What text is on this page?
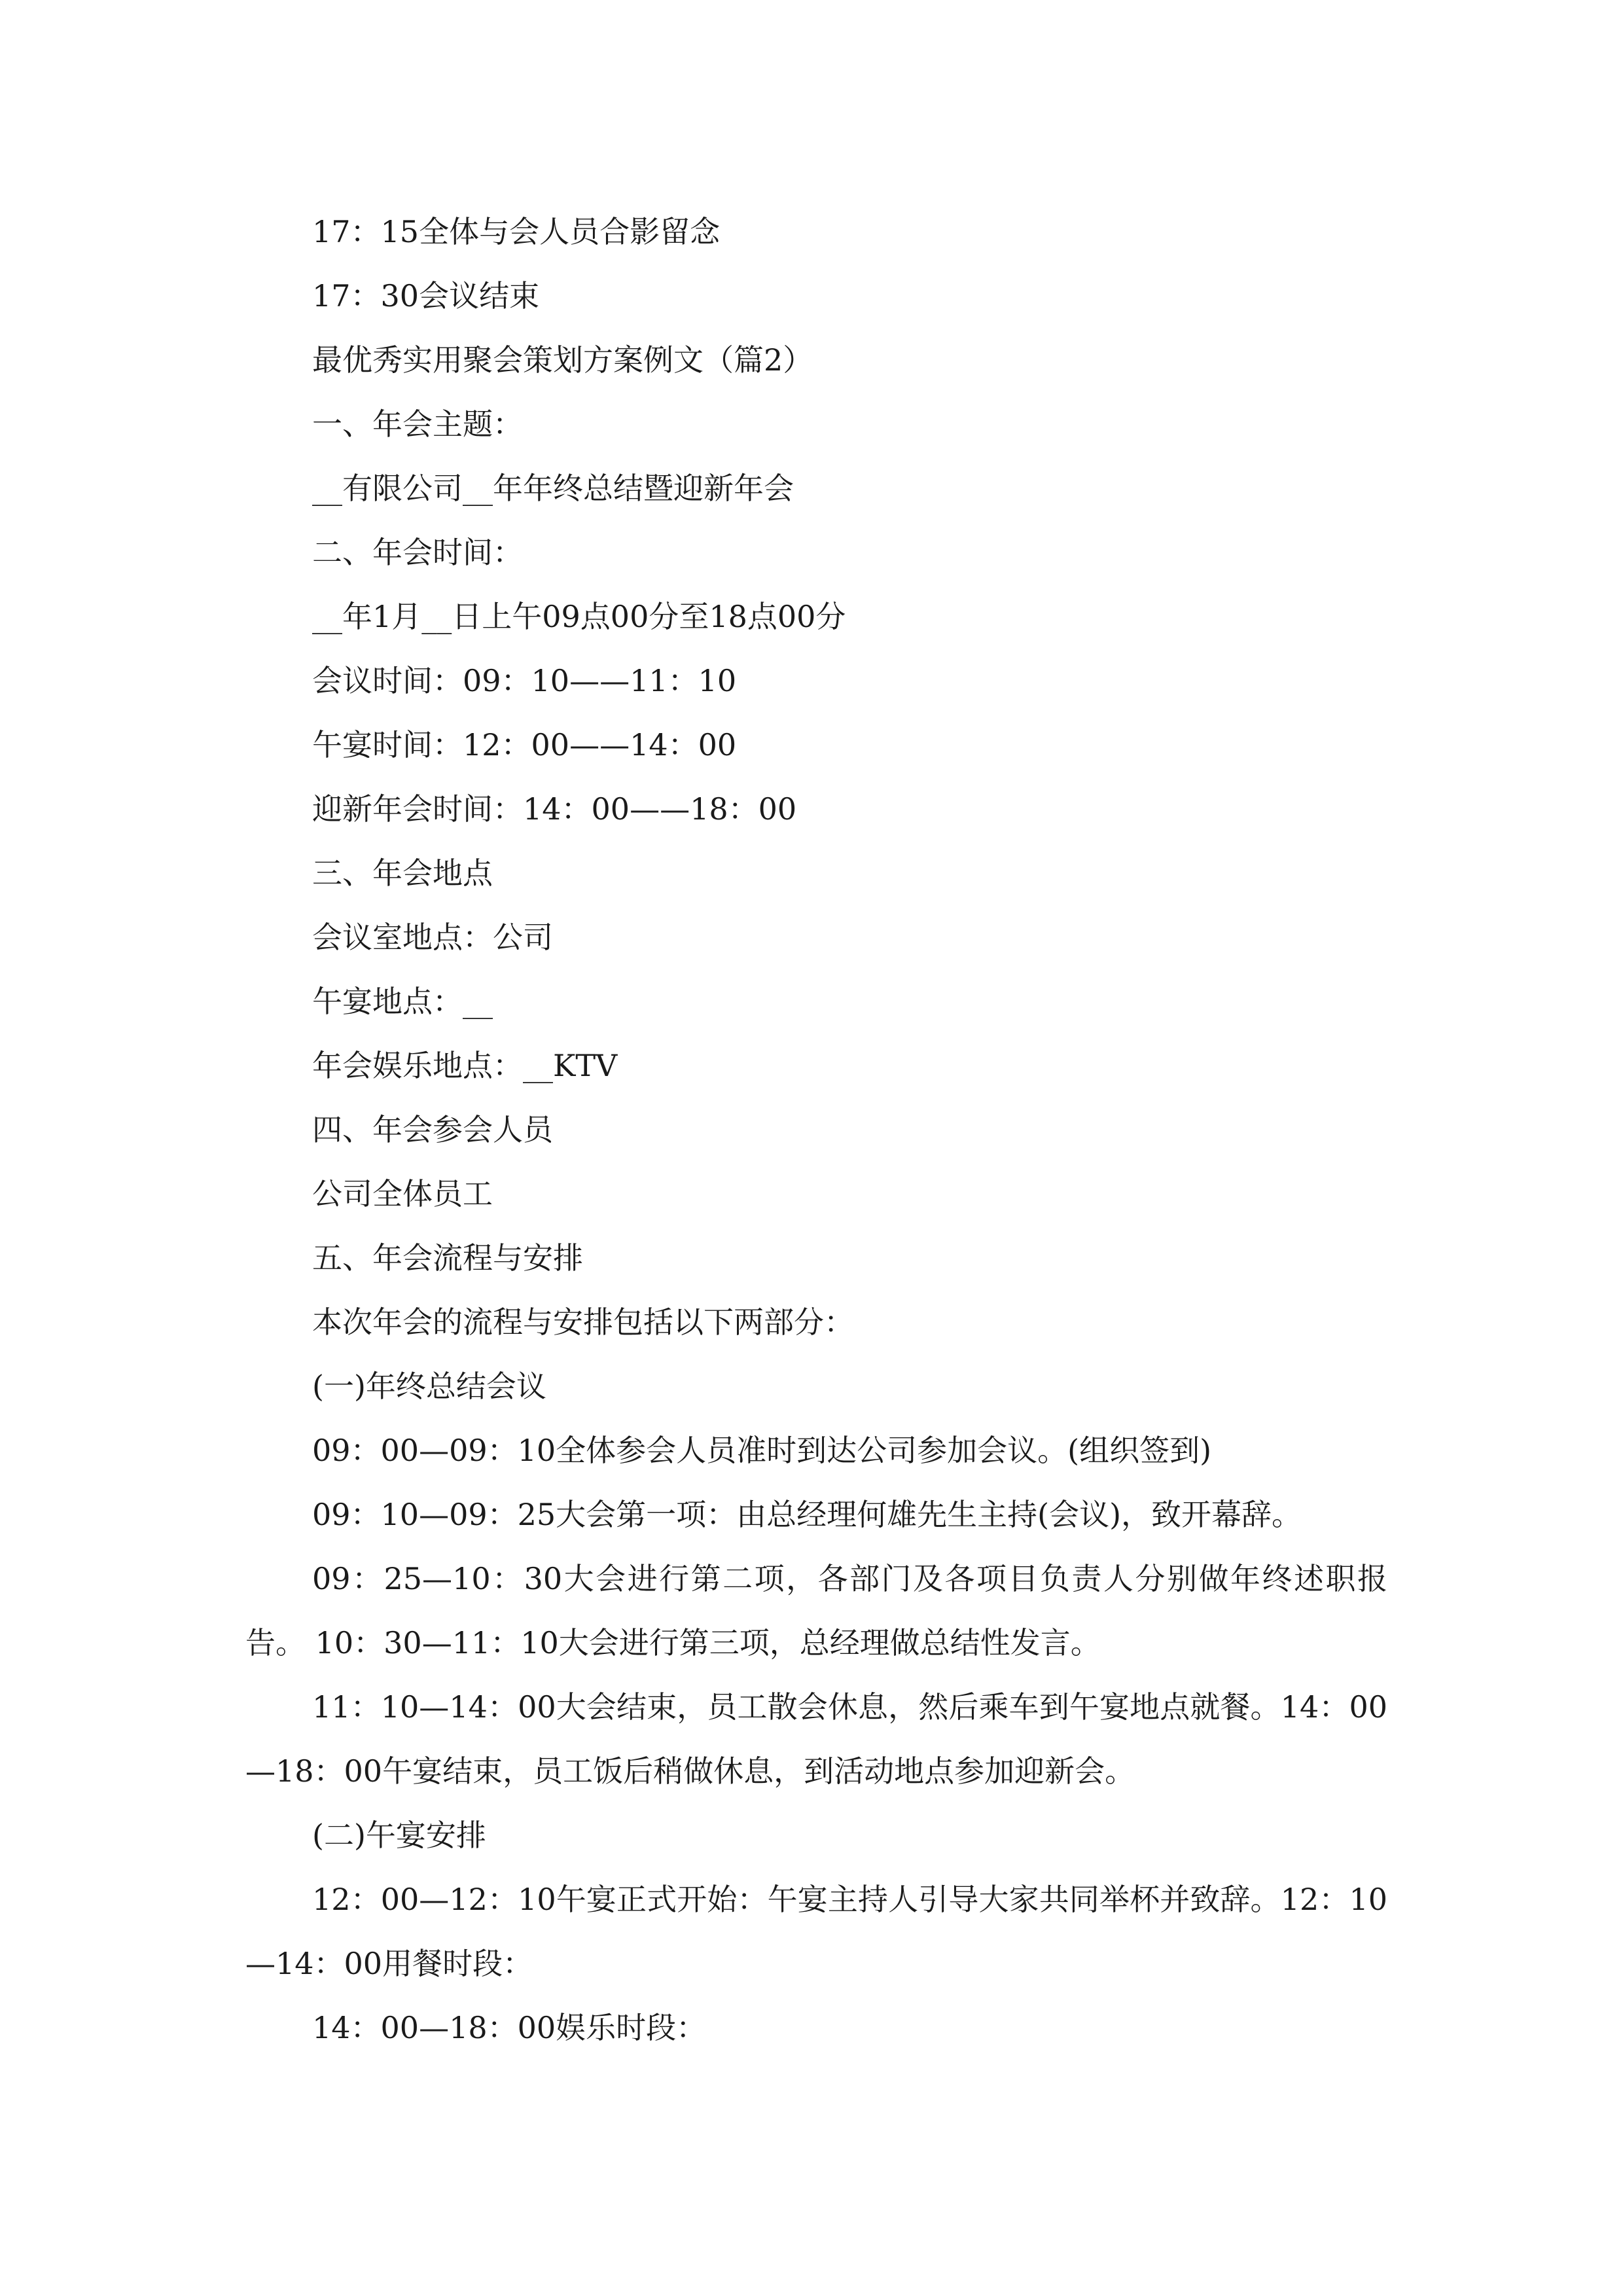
17：15全体与会人员合影留念

17：30会议结束

最优秀实用聚会策划方案例文（篇2）

一、年会主题：

__有限公司__年年终总结暨迎新年会

二、年会时间：

__年1月__日上午09点00分至18点00分

会议时间：09：10——11：10

午宴时间：12：00——14：00

迎新年会时间：14：00——18：00

三、年会地点

会议室地点：公司

午宴地点：__

年会娱乐地点：__KTV

四、年会参会人员

公司全体员工

五、年会流程与安排

本次年会的流程与安排包括以下两部分：

(一)年终总结会议

09：00—09：10全体参会人员准时到达公司参加会议。(组织签到)

09：10—09：25大会第一项：由总经理何雄先生主持(会议)，致开幕辞。

09：25—10：30大会进行第二项，各部门及各项目负责人分别做年终述职报告。 10：30—11：10大会进行第三项，总经理做总结性发言。

11：10—14：00大会结束，员工散会休息，然后乘车到午宴地点就餐。14：00—18：00午宴结束，员工饭后稍做休息，到活动地点参加迎新会。

(二)午宴安排

12：00—12：10午宴正式开始：午宴主持人引导大家共同举杯并致辞。12：10—14：00用餐时段：

14：00—18：00娱乐时段：
